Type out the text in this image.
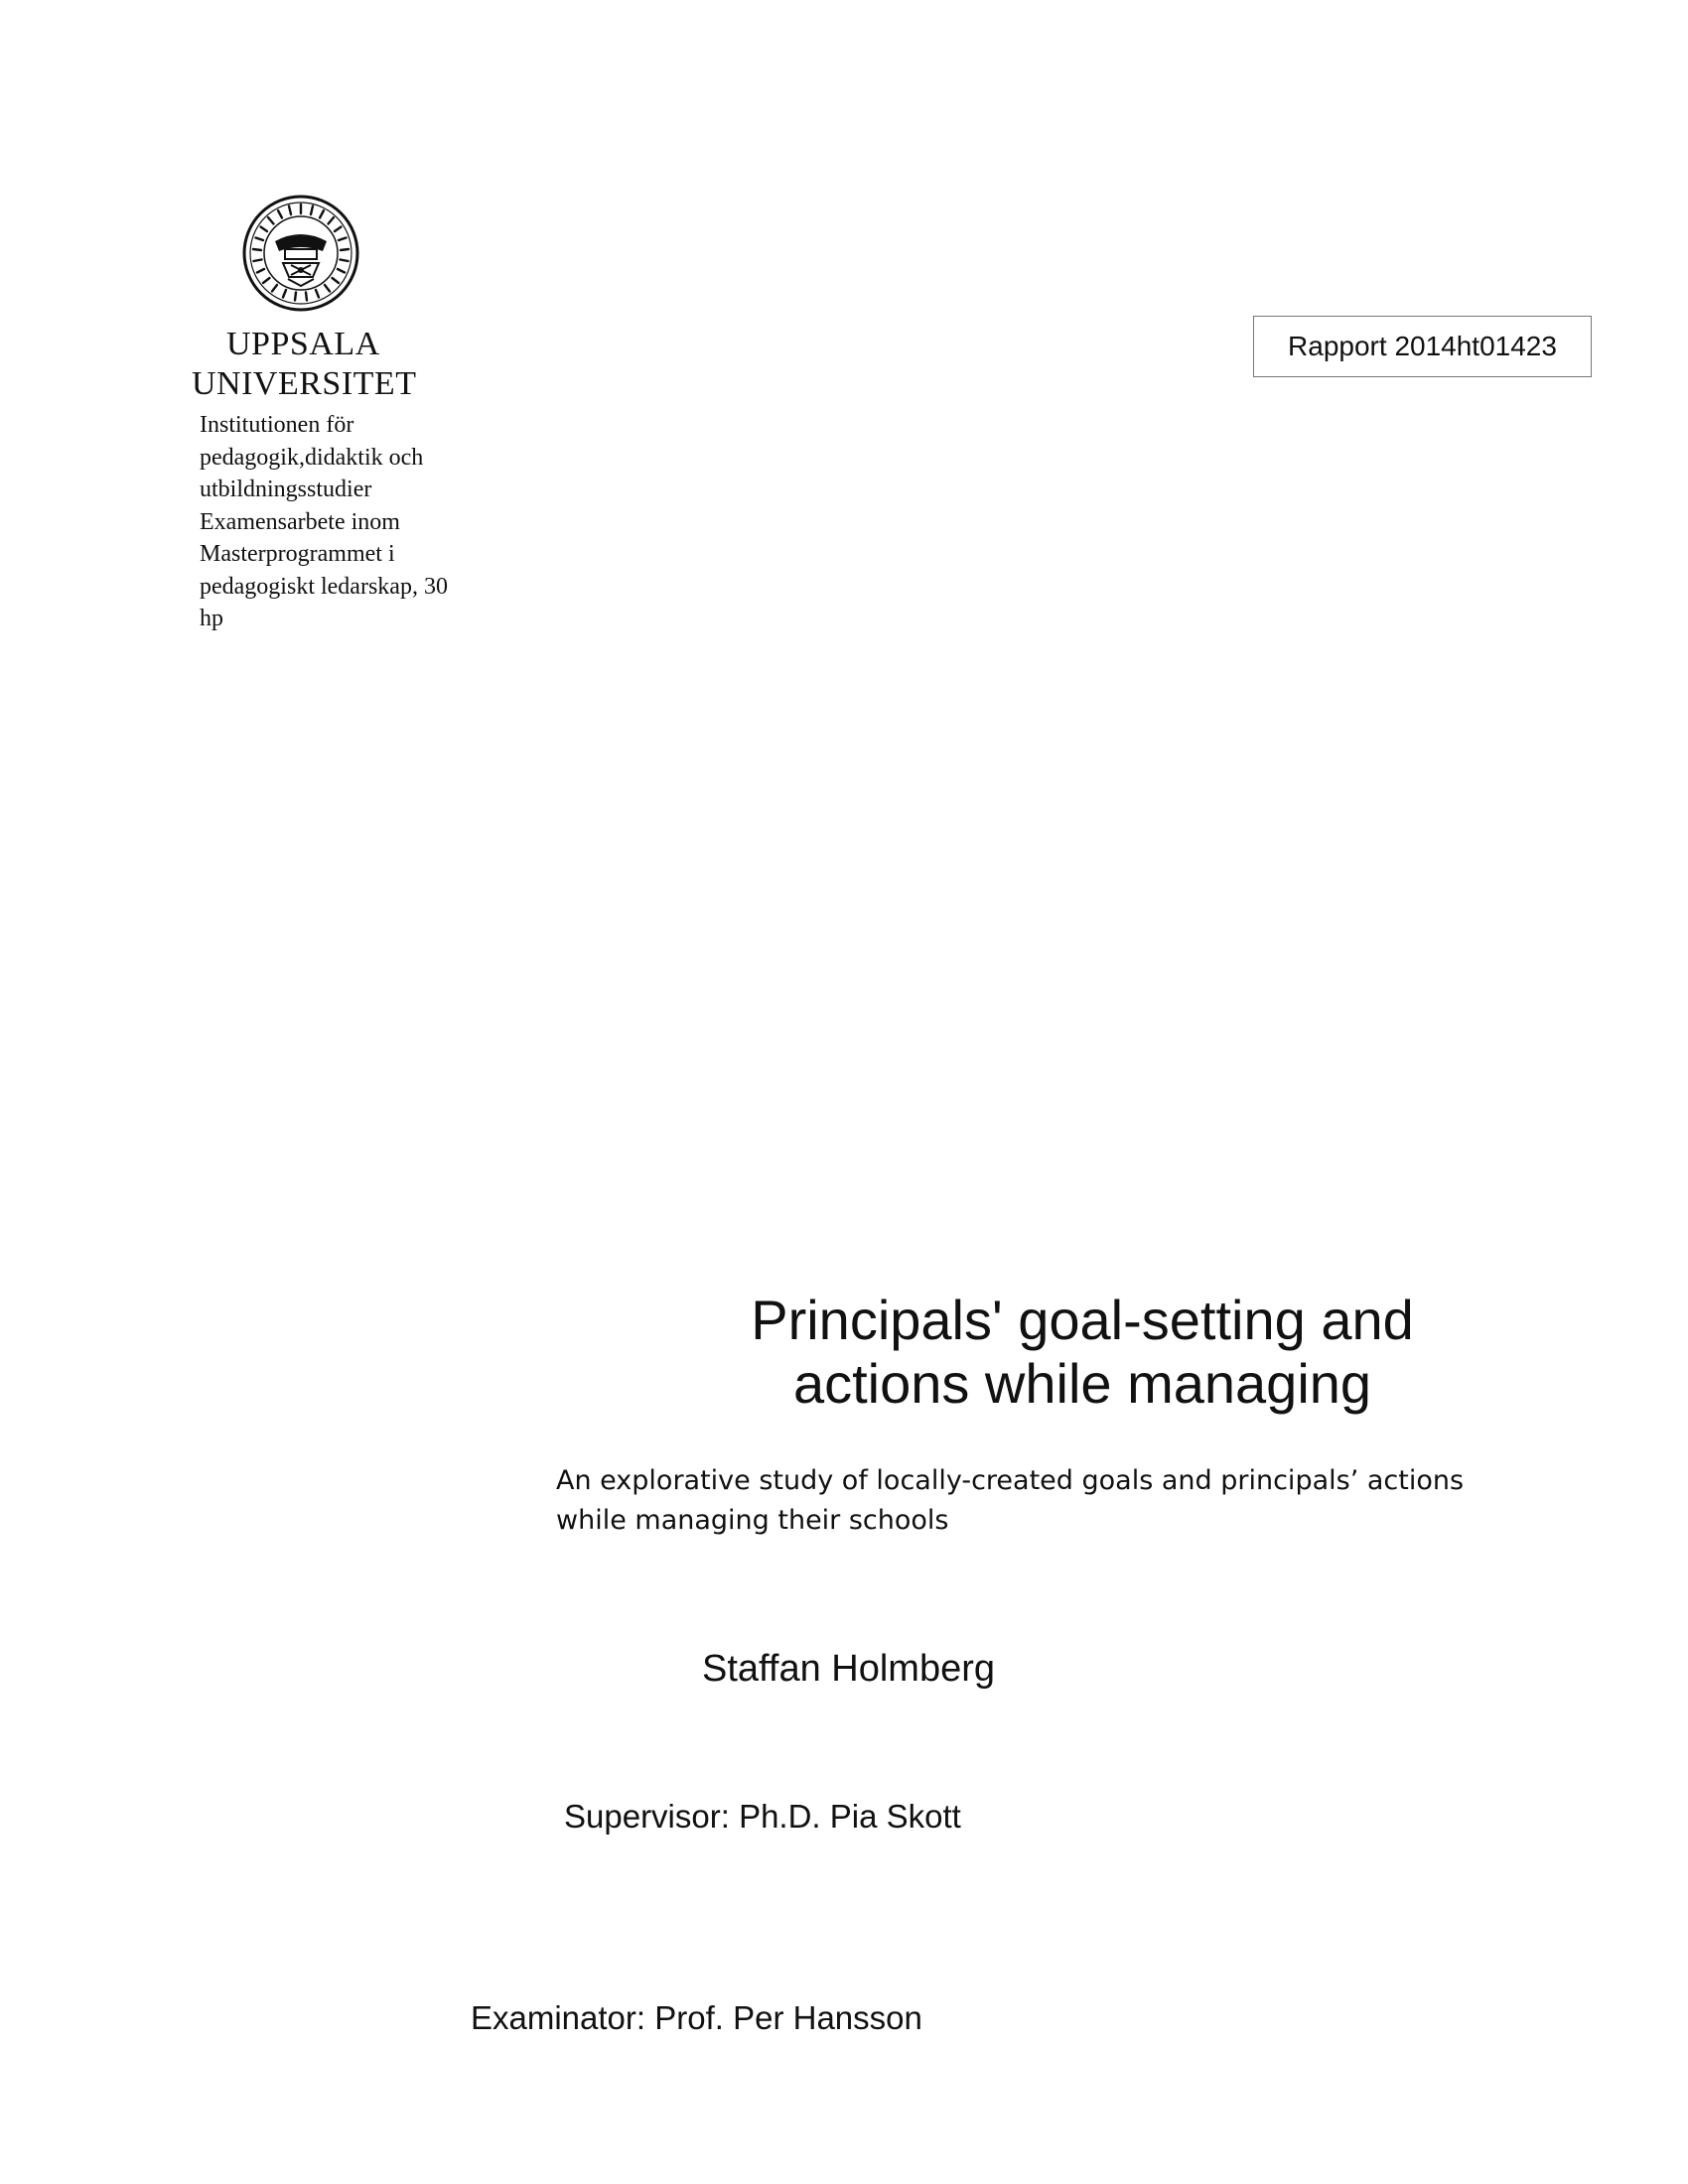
UPPSALA
UNIVERSITET
Institutionen för
pedagogik,didaktik och
utbildningsstudier
Examensarbete inom
Masterprogrammet i
pedagogiskt ledarskap, 30
hp
Rapport 2014ht01423
Principals' goal-setting and
actions while managing
An explorative study of locally-created goals and principals’ actions
while managing their schools
Staffan Holmberg
Supervisor: Ph.D. Pia Skott
Examinator: Prof. Per Hansson
